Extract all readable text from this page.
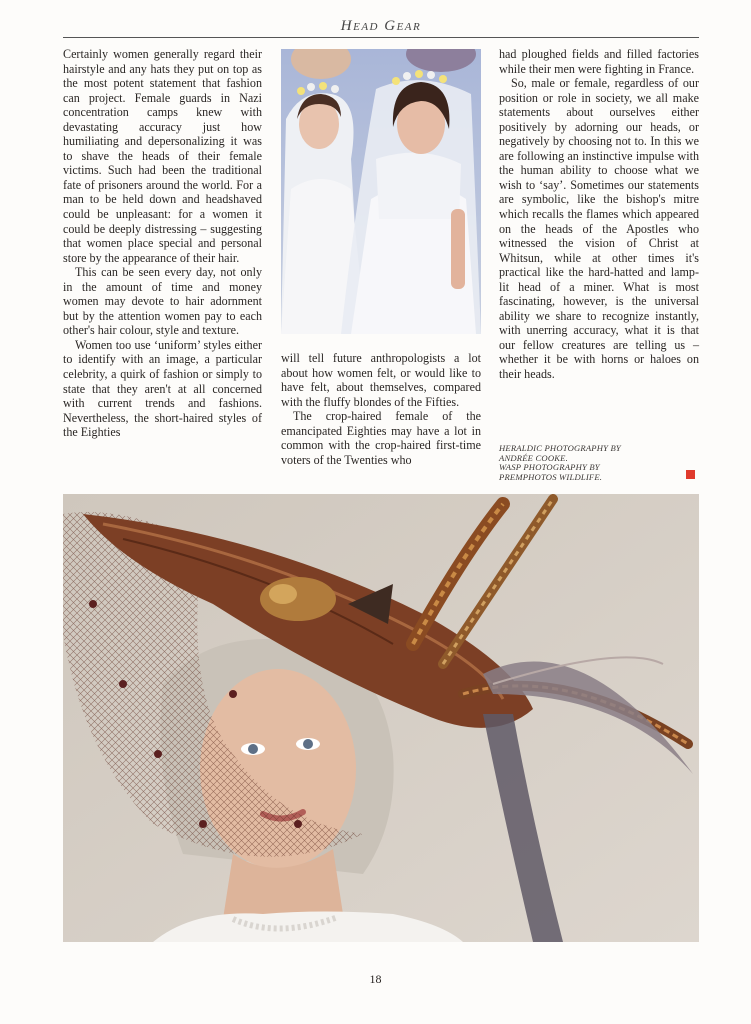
Head Gear

Certainly women generally regard their hairstyle and any hats they put on top as the most potent statement that fashion can project. Female guards in Nazi concentration camps knew with devastating accuracy just how humiliating and depersonalizing it was to shave the heads of their female victims. Such had been the traditional fate of prisoners around the world. For a man to be held down and headshaved could be unpleasant: for a women it could be deeply distressing – suggesting that women place special and personal store by the appearance of their hair.

This can be seen every day, not only in the amount of time and money women may devote to hair adornment but by the attention women pay to each other's hair colour, style and texture.

Women too use ‘uniform’ styles either to identify with an image, a particular celebrity, a quirk of fashion or simply to state that they aren't at all concerned with current trends and fashions. Nevertheless, the short-haired styles of the Eighties

will tell future anthropologists a lot about how women felt, or would like to have felt, about themselves, compared with the fluffy blondes of the Fifties.

The crop-haired female of the emancipated Eighties may have a lot in common with the crop-haired first-time voters of the Twenties who

had ploughed fields and filled factories while their men were fighting in France.

So, male or female, regardless of our position or role in society, we all make statements about ourselves either positively by adorning our heads, or negatively by choosing not to. In this we are following an instinctive impulse with the human ability to choose what we wish to ‘say’. Sometimes our statements are symbolic, like the bishop's mitre which recalls the flames which appeared on the heads of the Apostles who witnessed the vision of Christ at Whitsun, while at other times it's practical like the hard-hatted and lamp-lit head of a miner. What is most fascinating, however, is the universal ability we share to recognize instantly, with unerring accuracy, what it is that our fellow creatures are telling us – whether it be with horns or haloes on their heads.

HERALDIC PHOTOGRAPHY BY
ANDRÉE COOKE.
WASP PHOTOGRAPHY BY
PREMPHOTOS WILDLIFE.
18
